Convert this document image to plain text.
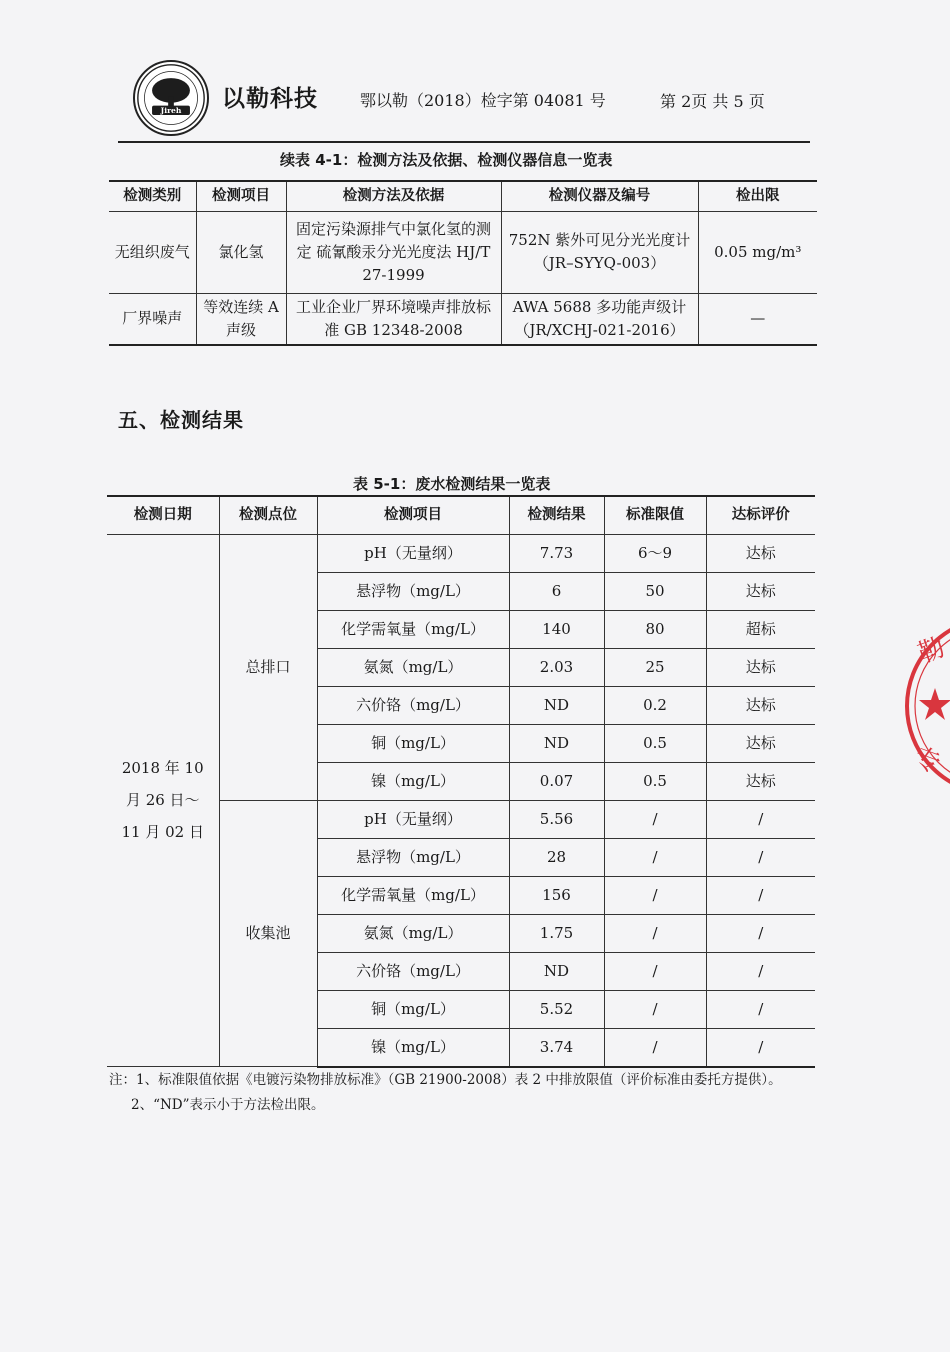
Jireh 以勒科技	鄂以勒（2018）检字第 04081 号	第 2页 共 5 页
续表 4-1：检测方法及依据、检测仪器信息一览表
检测类别	检测项目	检测方法及依据	检测仪器及编号	检出限
无组织废气	氯化氢	固定污染源排气中氯化氢的测定 硫氰酸汞分光光度法 HJ/T 27-1999	752N 紫外可见分光光度计（JR–SYYQ-003）	0.05 mg/m³
厂界噪声	等效连续 A 声级	工业企业厂界环境噪声排放标准 GB 12348-2008	AWA 5688 多功能声级计（JR/XCHJ-021-2016）	—
五、检测结果
表 5-1：废水检测结果一览表
检测日期	检测点位	检测项目	检测结果	标准限值	达标评价
2018 年 10 月 26 日～11 月 02 日	总排口	pH（无量纲）	7.73	6～9	达标
		悬浮物（mg/L）	6	50	达标
		化学需氧量（mg/L）	140	80	超标
		氨氮（mg/L）	2.03	25	达标
		六价铬（mg/L）	ND	0.2	达标
		铜（mg/L）	ND	0.5	达标
		镍（mg/L）	0.07	0.5	达标
	收集池	pH（无量纲）	5.56	/	/
		悬浮物（mg/L）	28	/	/
		化学需氧量（mg/L）	156	/	/
		氨氮（mg/L）	1.75	/	/
		六价铬（mg/L）	ND	/	/
		铜（mg/L）	5.52	/	/
		镍（mg/L）	3.74	/	/
注：1、标准限值依据《电镀污染物排放标准》（GB 21900-2008）表 2 中排放限值（评价标准由委托方提供）。
2、“ND”表示小于方法检出限。
勒
专
